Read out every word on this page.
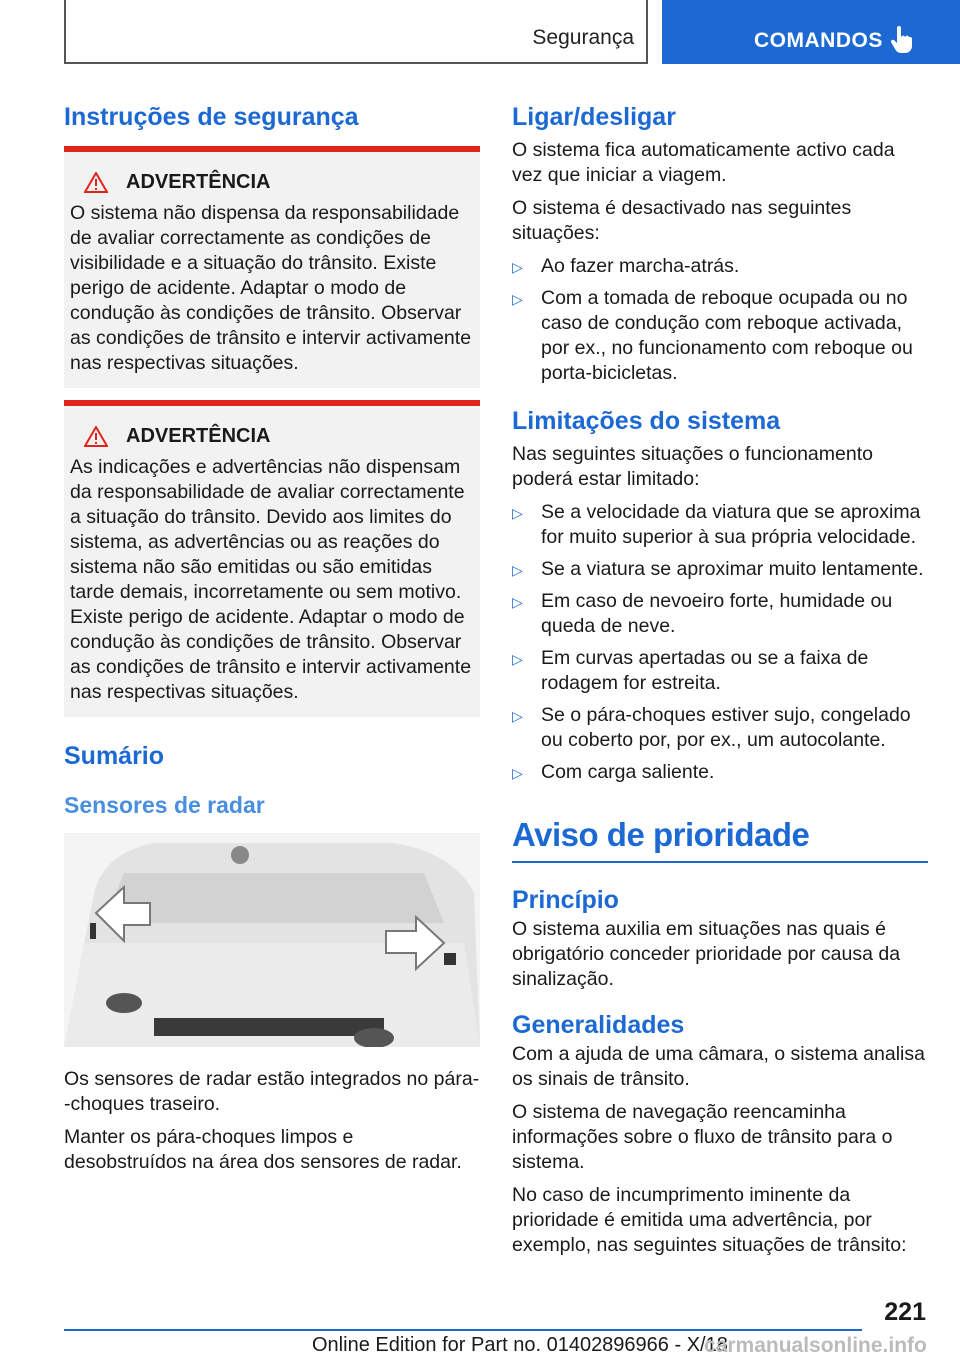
Segurança	COMANDOS
Instruções de segurança
ADVERTÊNCIA

O sistema não dispensa da responsabilidade de avaliar correctamente as condições de visibilidade e a situação do trânsito. Existe perigo de acidente. Adaptar o modo de condução às condições de trânsito. Observar as condições de trânsito e intervir activamente nas respectivas situações.

ADVERTÊNCIA

As indicações e advertências não dispensam da responsabilidade de avaliar correctamente a situação do trânsito. Devido aos limites do sistema, as advertências ou as reações do sistema não são emitidas ou são emitidas tarde demais, incorretamente ou sem motivo. Existe perigo de acidente. Adaptar o modo de condução às condições de trânsito. Observar as condições de trânsito e intervir activamente nas respectivas situações.

Sumário
Sensores de radar

Os sensores de radar estão integrados no pára--choques traseiro.

Manter os pára-choques limpos e desobstruídos na área dos sensores de radar.

Ligar/desligar

O sistema fica automaticamente activo cada vez que iniciar a viagem.

O sistema é desactivado nas seguintes situações:

▷ Ao fazer marcha-atrás.
▷ Com a tomada de reboque ocupada ou no caso de condução com reboque activada, por ex., no funcionamento com reboque ou porta-bicicletas.
Limitações do sistema

Nas seguintes situações o funcionamento poderá estar limitado:

▷ Se a velocidade da viatura que se aproxima for muito superior à sua própria velocidade.
▷ Se a viatura se aproximar muito lentamente.
▷ Em caso de nevoeiro forte, humidade ou queda de neve.
▷ Em curvas apertadas ou se a faixa de rodagem for estreita.
▷ Se o pára-choques estiver sujo, congelado ou coberto por, por ex., um autocolante.
▷ Com carga saliente.
Aviso de prioridade
Princípio

O sistema auxilia em situações nas quais é obrigatório conceder prioridade por causa da sinalização.

Generalidades

Com a ajuda de uma câmara, o sistema analisa os sinais de trânsito.

O sistema de navegação reencaminha informações sobre o fluxo de trânsito para o sistema.

No caso de incumprimento iminente da prioridade é emitida uma advertência, por exemplo, nas seguintes situações de trânsito:

221
Online Edition for Part no. 01402896966 - X/18
carmanualsonline.info
